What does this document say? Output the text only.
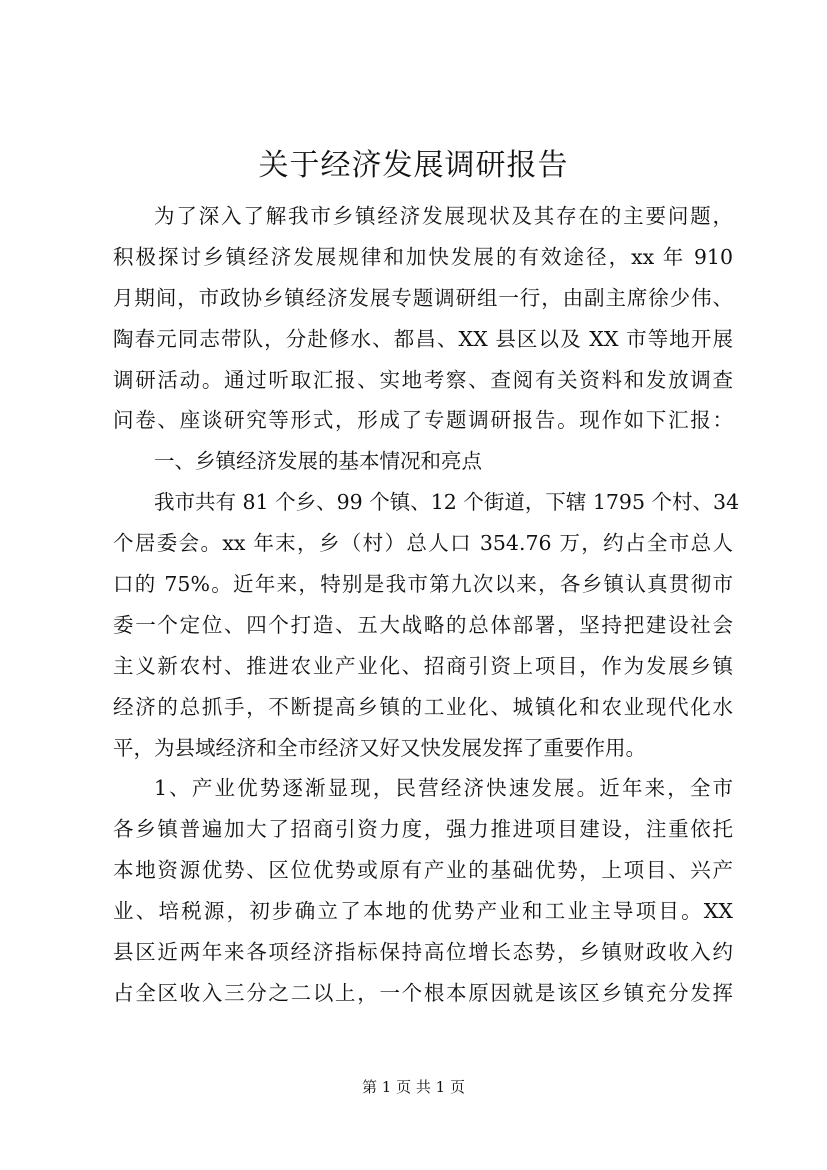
关于经济发展调研报告
为了深入了解我市乡镇经济发展现状及其存在的主要问题，
积极探讨乡镇经济发展规律和加快发展的有效途径，xx 年 910
月期间，市政协乡镇经济发展专题调研组一行，由副主席徐少伟、
陶春元同志带队，分赴修水、都昌、XX 县区以及 XX 市等地开展
调研活动。通过听取汇报、实地考察、查阅有关资料和发放调查
问卷、座谈研究等形式，形成了专题调研报告。现作如下汇报：
一、乡镇经济发展的基本情况和亮点
我市共有 81 个乡、99 个镇、12 个街道，下辖 1795 个村、34
个居委会。xx 年末，乡（村）总人口 354.76 万，约占全市总人
口的 75%。近年来，特别是我市第九次以来，各乡镇认真贯彻市
委一个定位、四个打造、五大战略的总体部署，坚持把建设社会
主义新农村、推进农业产业化、招商引资上项目，作为发展乡镇
经济的总抓手，不断提高乡镇的工业化、城镇化和农业现代化水
平，为县域经济和全市经济又好又快发展发挥了重要作用。
1、产业优势逐渐显现，民营经济快速发展。近年来，全市
各乡镇普遍加大了招商引资力度，强力推进项目建设，注重依托
本地资源优势、区位优势或原有产业的基础优势，上项目、兴产
业、培税源，初步确立了本地的优势产业和工业主导项目。XX
县区近两年来各项经济指标保持高位增长态势，乡镇财政收入约
占全区收入三分之二以上，一个根本原因就是该区乡镇充分发挥
第 1 页 共 1 页
